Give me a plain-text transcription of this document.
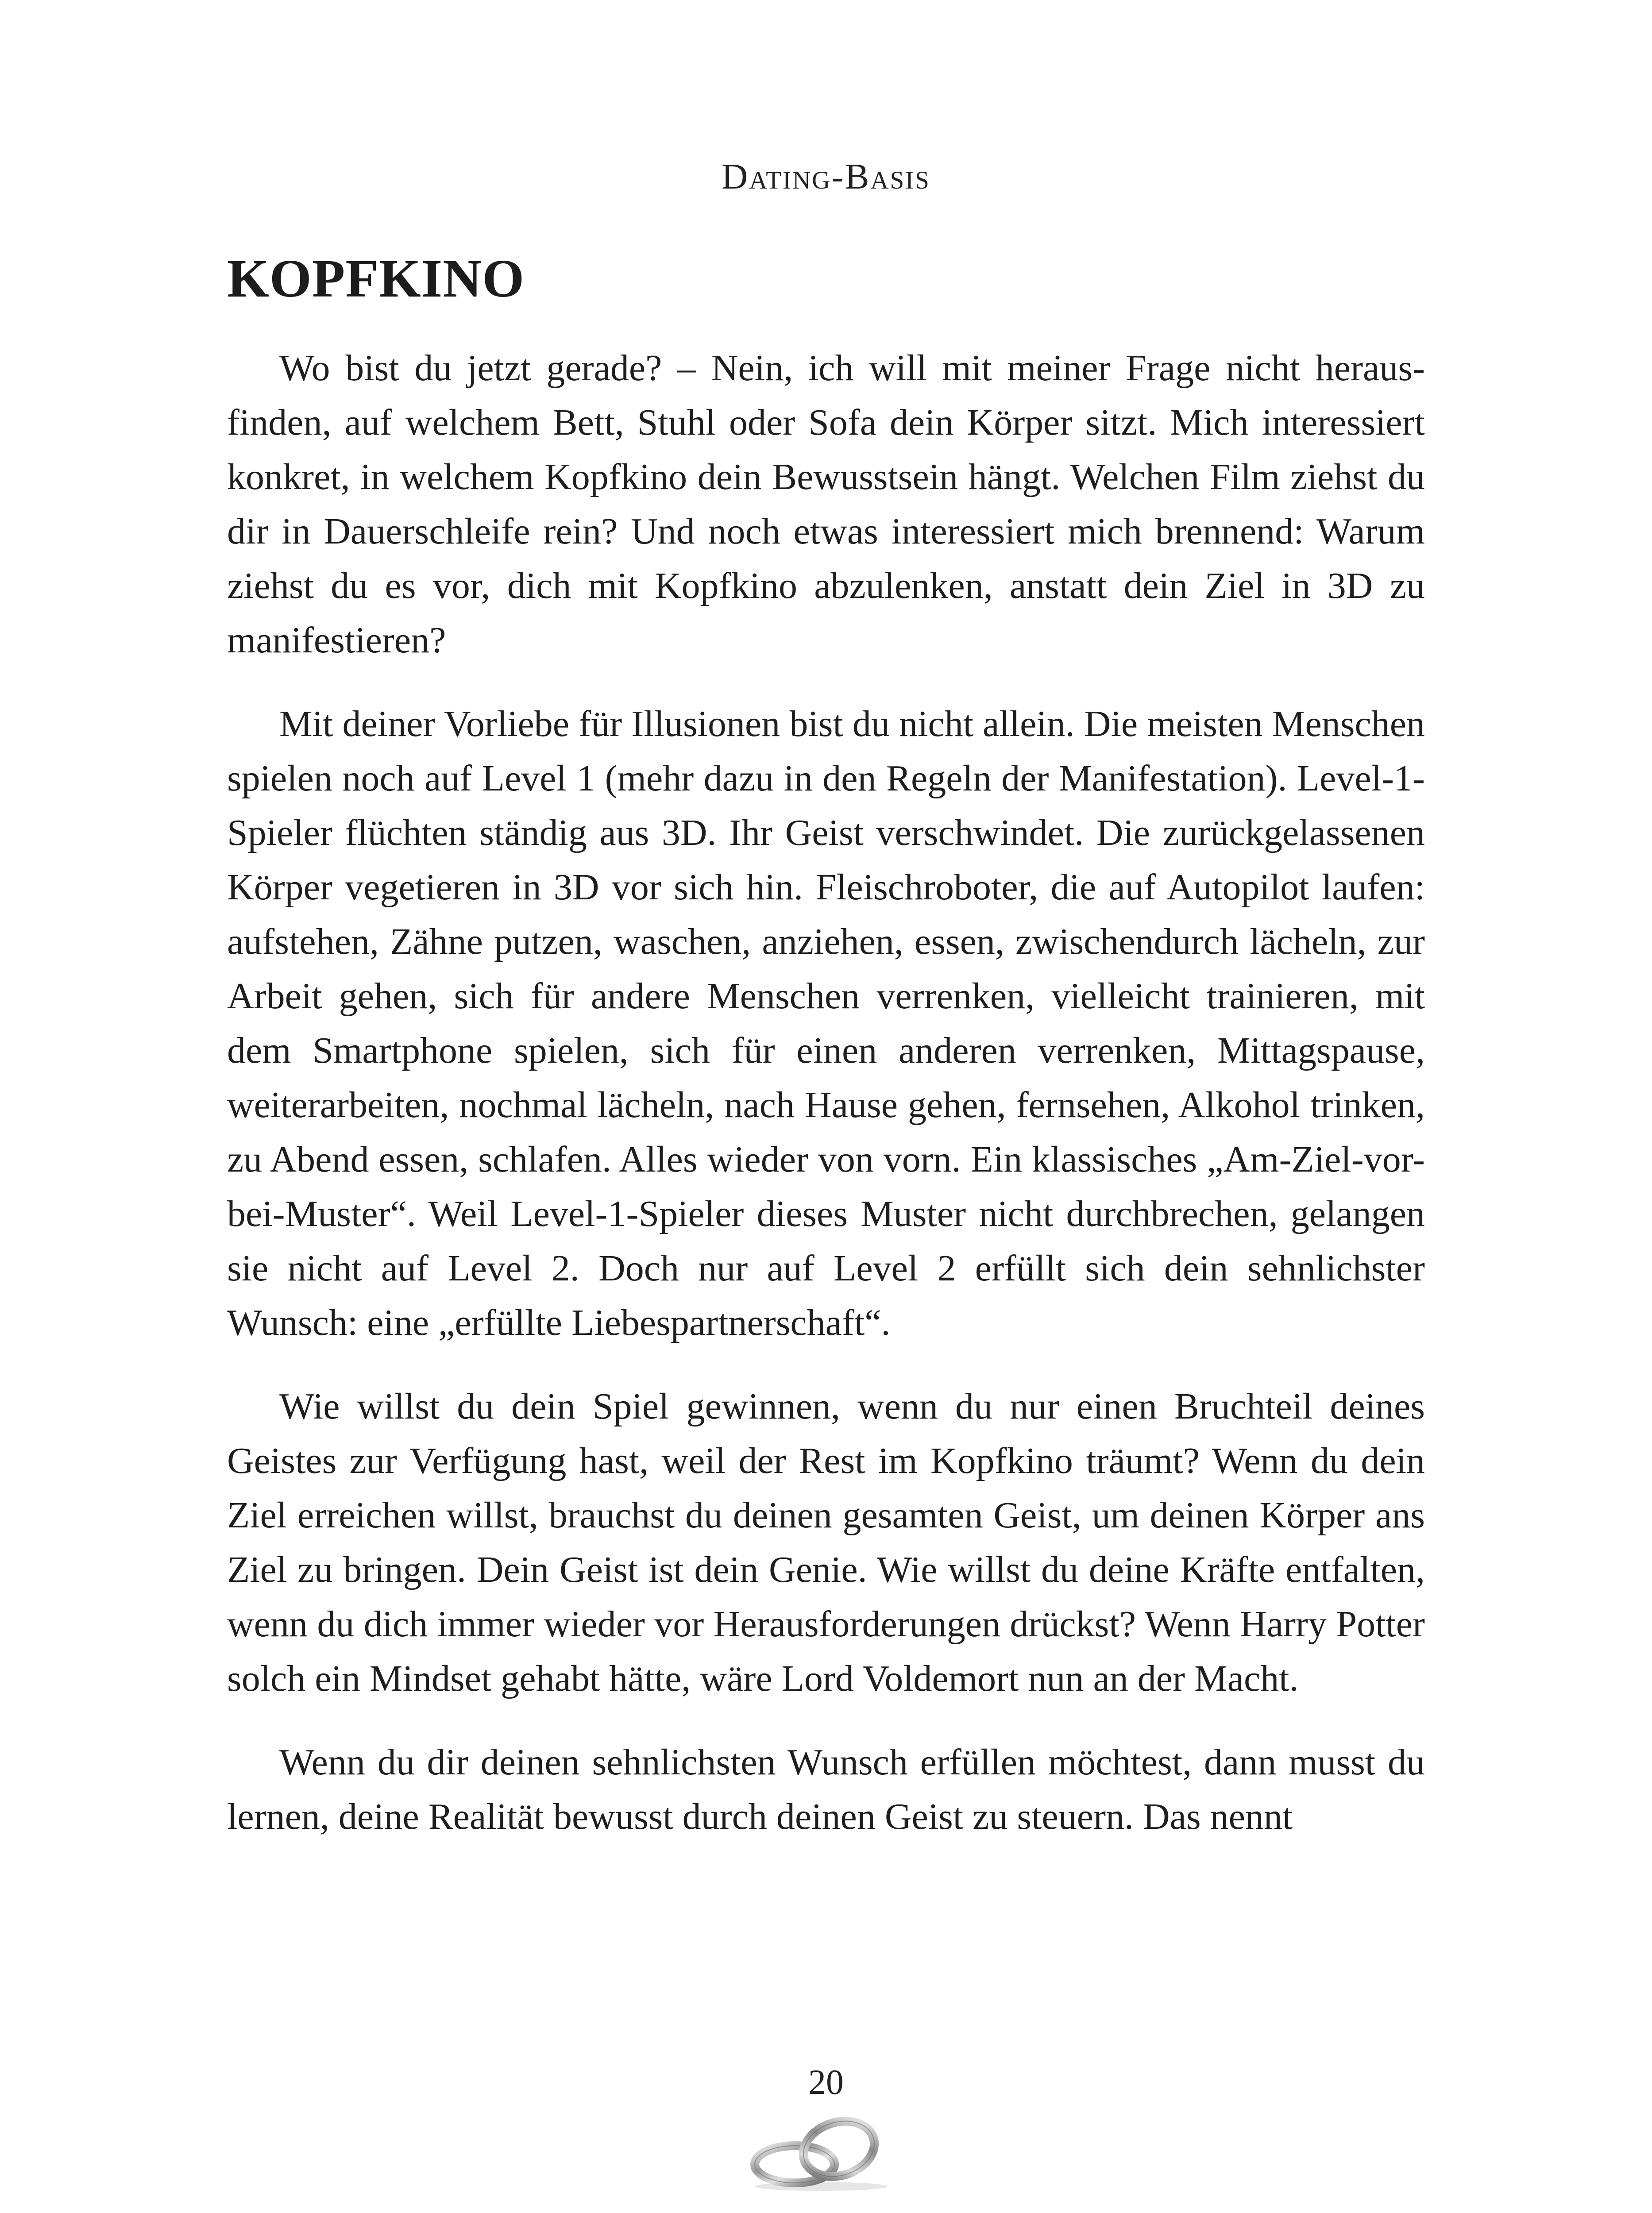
Dating-Basis
KOPFKINO

Wo bist du jetzt gerade? – Nein, ich will mit meiner Frage nicht herausfinden, auf welchem Bett, Stuhl oder Sofa dein Körper sitzt. Mich interessiert konkret, in welchem Kopfkino dein Bewusstsein hängt. Welchen Film ziehst du dir in Dauerschleife rein? Und noch etwas interessiert mich brennend: Warum ziehst du es vor, dich mit Kopfkino abzulenken, anstatt dein Ziel in 3D zu manifestieren?

Mit deiner Vorliebe für Illusionen bist du nicht allein. Die meisten Menschen spielen noch auf Level 1 (mehr dazu in den Regeln der Manifestation). Level-1-Spieler flüchten ständig aus 3D. Ihr Geist verschwindet. Die zurückgelassenen Körper vegetieren in 3D vor sich hin. Fleischroboter, die auf Autopilot laufen: aufstehen, Zähne putzen, waschen, anziehen, essen, zwischendurch lächeln, zur Arbeit gehen, sich für andere Menschen verrenken, vielleicht trainieren, mit dem Smartphone spielen, sich für einen anderen verrenken, Mittagspause, weiterarbeiten, nochmal lächeln, nach Hause gehen, fernsehen, Alkohol trinken, zu Abend essen, schlafen. Alles wieder von vorn. Ein klassisches „Am-Ziel-vor-bei-Muster“. Weil Level-1-Spieler dieses Muster nicht durchbrechen, gelangen sie nicht auf Level 2. Doch nur auf Level 2 erfüllt sich dein sehnlichster Wunsch: eine „erfüllte Liebespartnerschaft“.

Wie willst du dein Spiel gewinnen, wenn du nur einen Bruchteil deines Geistes zur Verfügung hast, weil der Rest im Kopfkino träumt? Wenn du dein Ziel erreichen willst, brauchst du deinen gesamten Geist, um deinen Körper ans Ziel zu bringen. Dein Geist ist dein Genie. Wie willst du deine Kräfte entfalten, wenn du dich immer wieder vor Herausforderungen drückst? Wenn Harry Potter solch ein Mindset gehabt hätte, wäre Lord Voldemort nun an der Macht.

Wenn du dir deinen sehnlichsten Wunsch erfüllen möchtest, dann musst du lernen, deine Realität bewusst durch deinen Geist zu steuern. Das nennt

20
